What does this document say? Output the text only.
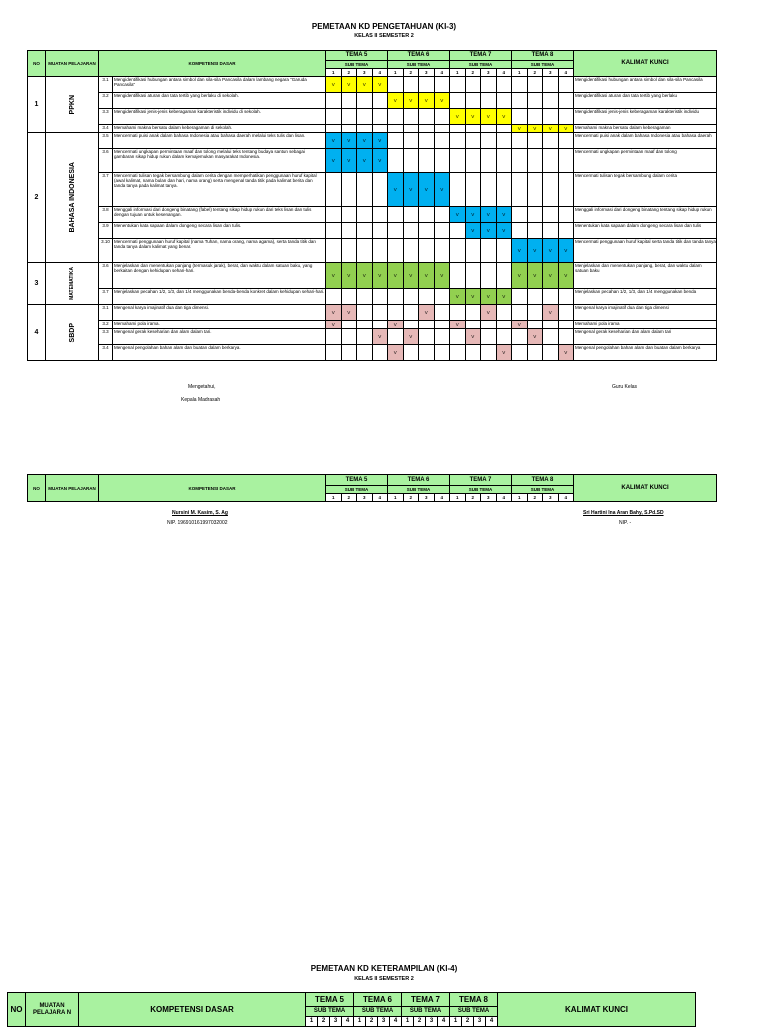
PEMETAAN KD PENGETAHUAN (KI-3)
KELAS II SEMESTER 2
NO	MUATAN PELAJARAN	KOMPETENSI DASAR		TEMA 5				TEMA 6				TEMA 7				TEMA 8				KALIMAT KUNCI
				SUB TEMA				SUB TEMA				SUB TEMA				SUB TEMA				
				1	2	3	4	1	2	3	4	1	2	3	4	1	2	3	4	
1	PPKN	3.1	Mengidentifikasi hubungan antara simbol dan sila-sila Pancasila dalam lambang negara "Garuda Pancasila"	V	V	V	V													Mengidentifikasi hubungan antara simbol dan sila-sila Pancasila
		3.2	Mengidentifikasi aturan dan tata tertib yang berlaku di sekolah.					V	V	V	V									Mengidentifikasi aturan dan tata tertib yang berlaku
		3.3	Mengidentifikasi jenis-jenis keberagaman karakteristik individu di sekolah.									V	V	V	V					Mengidentifikasi jenis-jenis keberagaman karakteristik individu
		3.4	Memahami makna bersatu dalam keberagaman di sekolah.													V	V	V	V	Memahami makna bersatu dalam keberagaman
2	BAHASA INDONESIA	3.5	Mencermati puisi anak dalam bahasa Indonesia atau bahasa daerah melalui teks tulis dan lisan.	V	V	V	V													Mencermati puisi anak dalam bahasa Indonesia atau bahasa daerah
		3.6	Mencermati ungkapan permintaan maaf dan tolong melalui teks tentang budaya santun sebagai gambaran sikap hidup rukun dalam kemajemukan masyarakat Indonesia.	V	V	V	V													Mencermati ungkapan permintaan maaf dan tolong
		3.7	Mencermati tulisan tegak bersambung dalam cerita dengan memperhatikan penggunaan huruf kapital (awal kalimat, nama bulan dan hari, nama orang) serta mengenal tanda titik pada kalimat berita dan tanda tanya pada kalimat tanya.					V	V	V	V									Mencermati tulisan tegak bersambung dalam cerita
		3.8	Menggali informasi dari dongeng binatang (fabel) tentang sikap hidup rukun dari teks lisan dan tulis dengan tujuan untuk kesenangan.									V	V	V	V					Menggali informasi dari dongeng binatang tentang sikap hidup rukun
		3.9	Menentukan kata sapaan dalam dongeng secara lisan dan tulis.										V	V	V					Menentukan kata sapaan dalam dongeng secara lisan dan tulis
		3.10	Mencermati penggunaan huruf kapital (nama Tuhan, nama orang, nama agama), serta tanda titik dan tanda tanya dalam kalimat yang benar.													V	V	V	V	Mencermati penggunaan huruf kapital serta tanda titik dan tanda tanya
3	MATEMATIKA	3.6	Menjelaskan dan menentukan panjang (termasuk jarak), berat, dan waktu dalam satuan baku, yang berkaitan dengan kehidupan sehari-hari.	V	V	V	V	V	V	V	V					V	V	V	V	Menjelaskan dan menentukan panjang, berat, dan waktu dalam satuan baku
		3.7	Menjelaskan pecahan 1/2, 1/3, dan 1/4 menggunakan benda-benda konkret dalam kehidupan sehari-hari.									V	V	V	V					Menjelaskan pecahan 1/2, 1/3, dan 1/4 menggunakan benda
4	SBDP	3.1	Mengenal karya imajinatif dua dan tiga dimensi.	V	V					V				V				V		Mengenal karya imajinatif dua dan tiga dimensi
		3.2	Memahami pola irama.	V				V				V				V				Memahami pola irama
		3.3	Mengenal gerak keseharian dan alam dalam tari.				V		V				V				V			Mengenal gerak keseharian dan alam dalam tari
		3.4	Mengenal pengolahan bahan alam dan buatan dalam berkarya.					V							V				V	Mengenal pengolahan bahan alam dan buatan dalam berkarya
Mengetahui,	Guru Kelas
Kepala Madrasah
NO	MUATAN PELAJARAN	KOMPETENSI DASAR	TEMA 5				TEMA 6				TEMA 7				TEMA 8				KALIMAT KUNCI
			SUB TEMA				SUB TEMA				SUB TEMA				SUB TEMA				
			1	2	3	4	1	2	3	4	1	2	3	4	1	2	3	4	
Nursini M. Kasim, S. Ag
NIP. 196910161997032002
Sri Hartini Ina Aran Bahy, S.Pd.SD
NIP. -
PEMETAAN KD KETERAMPILAN (KI-4)
KELAS II SEMESTER 2
NO	MUATAN PELAJARA N	KOMPETENSI DASAR	TEMA 5				TEMA 6				TEMA 7				TEMA 8				KALIMAT KUNCI
			SUB TEMA				SUB TEMA				SUB TEMA				SUB TEMA				
			1	2	3	4	1	2	3	4	1	2	3	4	1	2	3	4	
